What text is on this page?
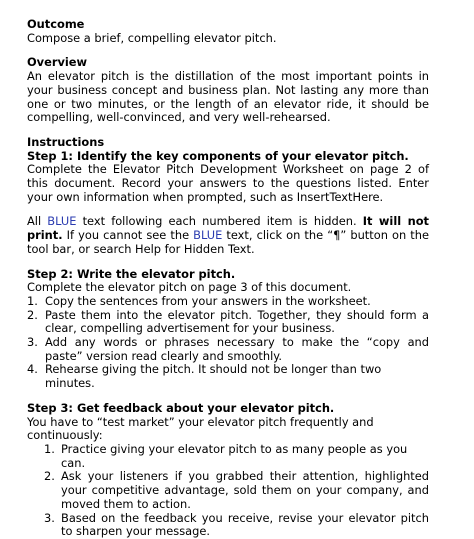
Outcome

Compose a brief, compelling elevator pitch.

Overview

An elevator pitch is the distillation of the most important points in your business concept and business plan. Not lasting any more than one or two minutes, or the length of an elevator ride, it should be compelling, well-convinced, and very well-rehearsed.

Instructions

Step 1: Identify the key components of your elevator pitch.

Complete the Elevator Pitch Development Worksheet on page 2 of this document. Record your answers to the questions listed. Enter your own information when prompted, such as InsertTextHere.

All BLUE text following each numbered item is hidden. It will not print. If you cannot see the BLUE text, click on the “¶” button on the tool bar, or search Help for Hidden Text.

Step 2: Write the elevator pitch.

Complete the elevator pitch on page 3 of this document.

1. Copy the sentences from your answers in the worksheet.
2. Paste them into the elevator pitch. Together, they should form a clear, compelling advertisement for your business.
3. Add any words or phrases necessary to make the “copy and paste” version read clearly and smoothly.
4. Rehearse giving the pitch. It should not be longer than two minutes.

Step 3: Get feedback about your elevator pitch.

You have to “test market” your elevator pitch frequently and continuously:

1. Practice giving your elevator pitch to as many people as you can.
2. Ask your listeners if you grabbed their attention, highlighted your competitive advantage, sold them on your company, and moved them to action.
3. Based on the feedback you receive, revise your elevator pitch to sharpen your message.
